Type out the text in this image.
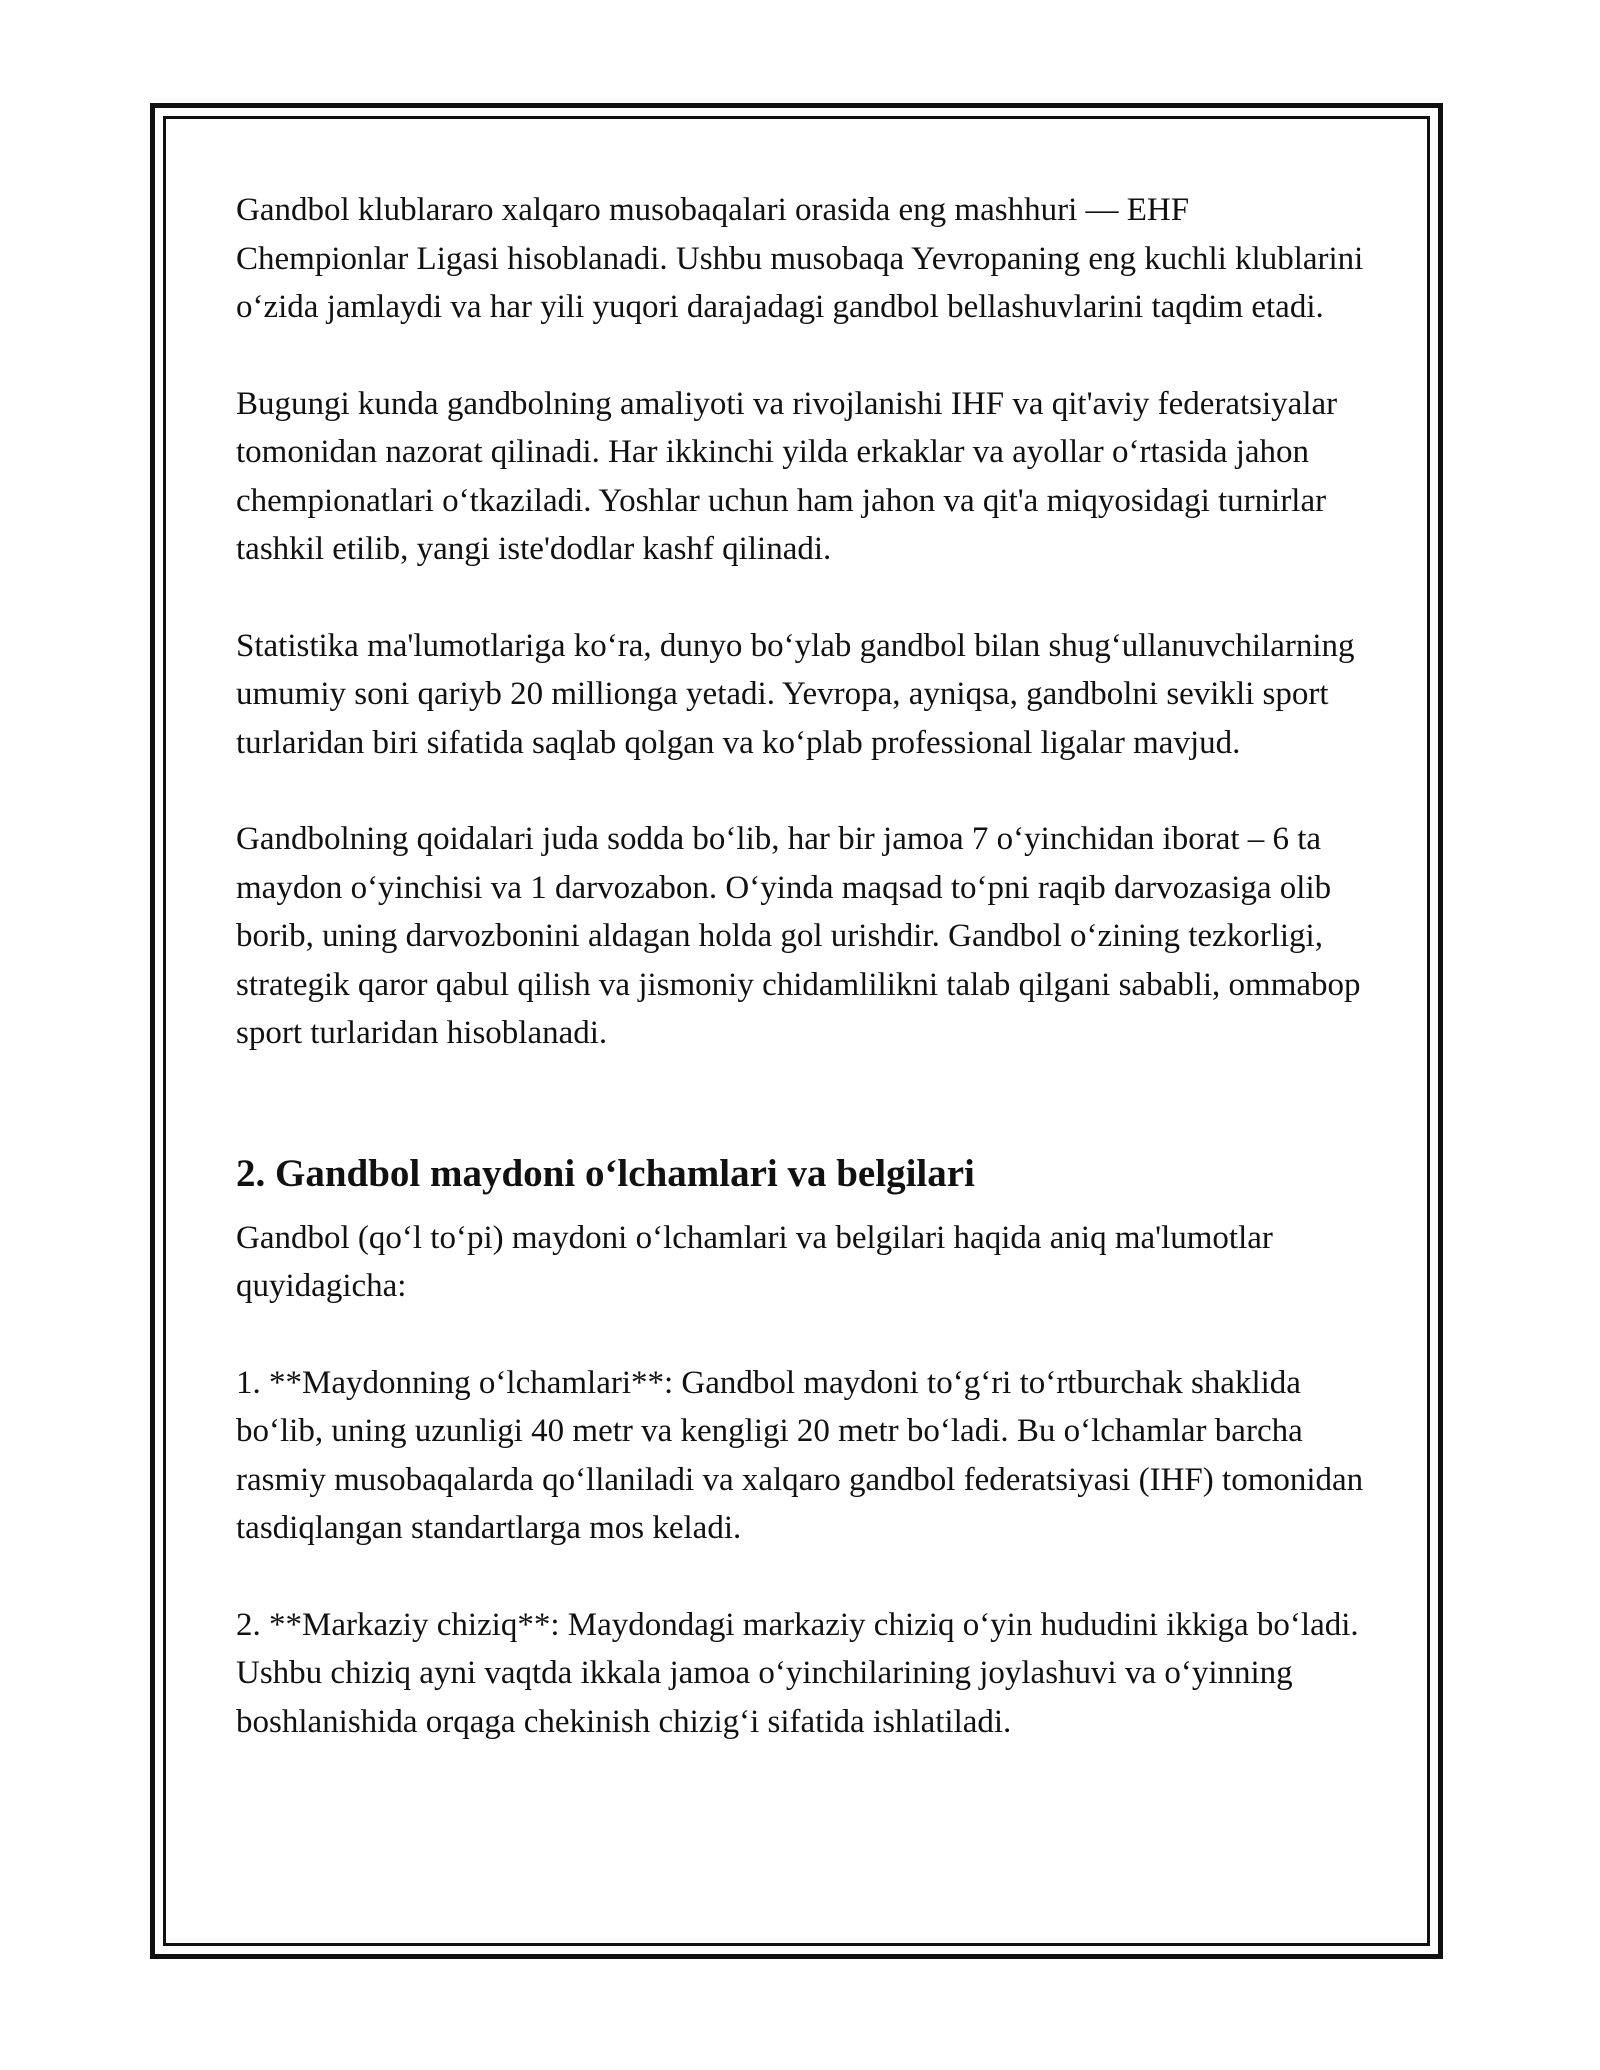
Gandbol klublararo xalqaro musobaqalari orasida eng mashhuri — EHF Chempionlar Ligasi hisoblanadi. Ushbu musobaqa Yevropaning eng kuchli klublarini o‘zida jamlaydi va har yili yuqori darajadagi gandbol bellashuvlarini taqdim etadi.

Bugungi kunda gandbolning amaliyoti va rivojlanishi IHF va qit'aviy federatsiyalar tomonidan nazorat qilinadi. Har ikkinchi yilda erkaklar va ayollar o‘rtasida jahon chempionatlari o‘tkaziladi. Yoshlar uchun ham jahon va qit'a miqyosidagi turnirlar tashkil etilib, yangi iste'dodlar kashf qilinadi.

Statistika ma'lumotlariga ko‘ra, dunyo bo‘ylab gandbol bilan shug‘ullanuvchilarning umumiy soni qariyb 20 millionga yetadi. Yevropa, ayniqsa, gandbolni sevikli sport turlaridan biri sifatida saqlab qolgan va ko‘plab professional ligalar mavjud.

Gandbolning qoidalari juda sodda bo‘lib, har bir jamoa 7 o‘yinchidan iborat – 6 ta maydon o‘yinchisi va 1 darvozabon. O‘yinda maqsad to‘pni raqib darvozasiga olib borib, uning darvozbonini aldagan holda gol urishdir. Gandbol o‘zining tezkorligi, strategik qaror qabul qilish va jismoniy chidamlilikni talab qilgani sababli, ommabop sport turlaridan hisoblanadi.

2. Gandbol maydoni o‘lchamlari va belgilari

Gandbol (qo‘l to‘pi) maydoni o‘lchamlari va belgilari haqida aniq ma'lumotlar quyidagicha:

1. **Maydonning o‘lchamlari**: Gandbol maydoni to‘g‘ri to‘rtburchak shaklida bo‘lib, uning uzunligi 40 metr va kengligi 20 metr bo‘ladi. Bu o‘lchamlar barcha rasmiy musobaqalarda qo‘llaniladi va xalqaro gandbol federatsiyasi (IHF) tomonidan tasdiqlangan standartlarga mos keladi.

2. **Markaziy chiziq**: Maydondagi markaziy chiziq o‘yin hududini ikkiga bo‘ladi. Ushbu chiziq ayni vaqtda ikkala jamoa o‘yinchilarining joylashuvi va o‘yinning boshlanishida orqaga chekinish chizig‘i sifatida ishlatiladi.
